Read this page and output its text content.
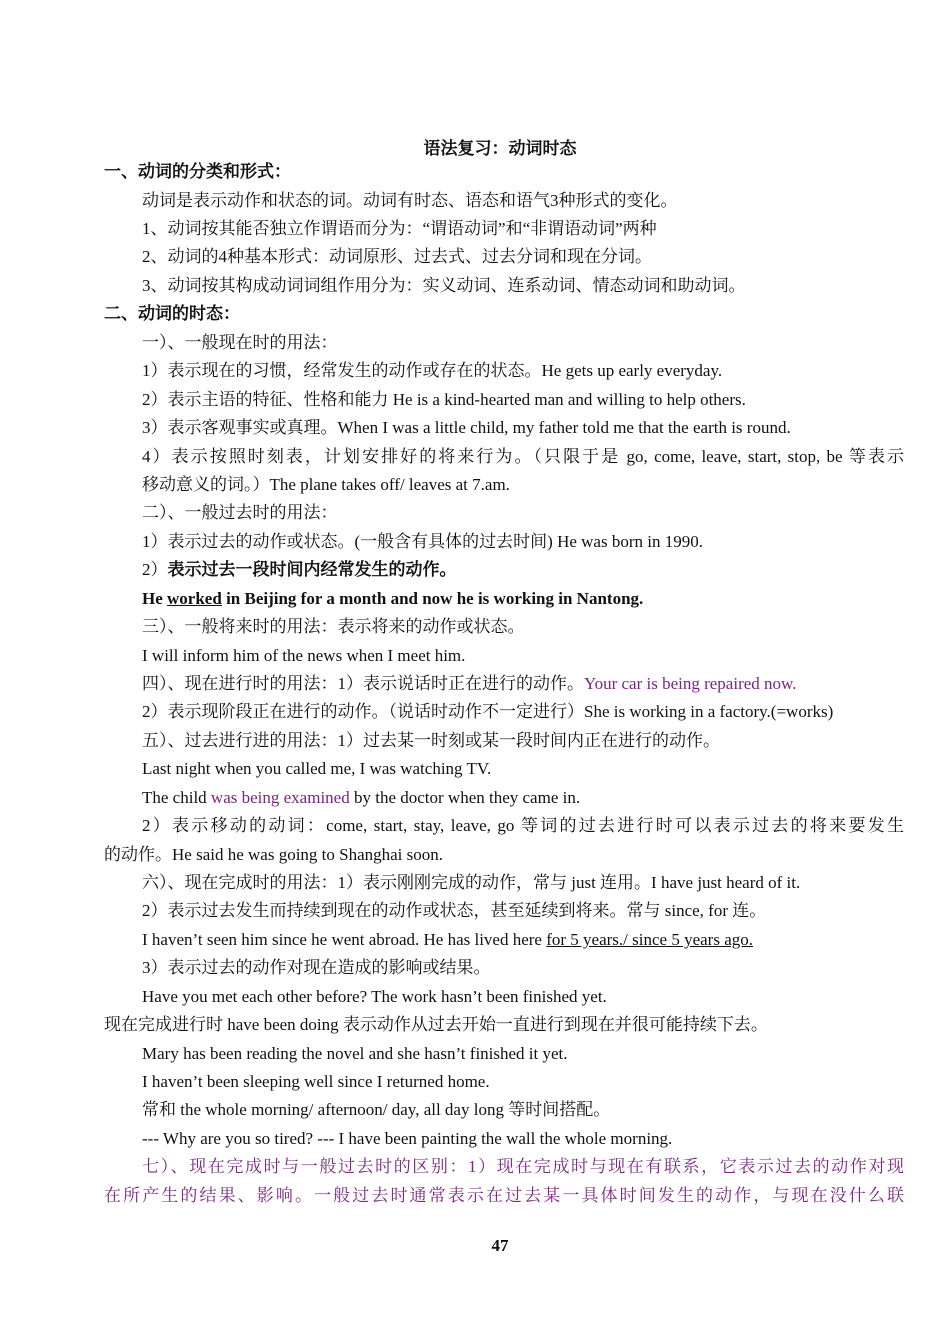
语法复习：动词时态
一、动词的分类和形式：
动词是表示动作和状态的词。动词有时态、语态和语气3种形式的变化。
1、动词按其能否独立作谓语而分为：“谓语动词”和“非谓语动词”两种
2、动词的4种基本形式：动词原形、过去式、过去分词和现在分词。
3、动词按其构成动词词组作用分为：实义动词、连系动词、情态动词和助动词。
二、动词的时态：
一）、一般现在时的用法：
1）表示现在的习惯，经常发生的动作或存在的状态。He gets up early everyday.
2）表示主语的特征、性格和能力 He is a kind-hearted man and willing to help others.
3）表示客观事实或真理。When I was a little child, my father told me that the earth is round.
4）表示按照时刻表，计划安排好的将来行为。（只限于是 go, come, leave, start, stop, be 等表示
移动意义的词。）The plane takes off/ leaves at 7.am.
二）、一般过去时的用法：
1）表示过去的动作或状态。(一般含有具体的过去时间) He was born in 1990.
2）表示过去一段时间内经常发生的动作。
He worked in Beijing for a month and now he is working in Nantong.
三）、一般将来时的用法：表示将来的动作或状态。
I will inform him of the news when I meet him.
四）、现在进行时的用法：1）表示说话时正在进行的动作。Your car is being repaired now.
2）表示现阶段正在进行的动作。（说话时动作不一定进行）She is working in a factory.(=works)
五）、过去进行进的用法：1）过去某一时刻或某一段时间内正在进行的动作。
Last night when you called me, I was watching TV.
The child was being examined by the doctor when they came in.
2）表示移动的动词：come, start, stay, leave, go 等词的过去进行时可以表示过去的将来要发生
的动作。He said he was going to Shanghai soon.
六）、现在完成时的用法：1）表示刚刚完成的动作，常与 just 连用。I have just heard of it.
2）表示过去发生而持续到现在的动作或状态，甚至延续到将来。常与 since, for 连。
I haven’t seen him since he went abroad. He has lived here for 5 years./ since 5 years ago.
3）表示过去的动作对现在造成的影响或结果。
Have you met each other before? The work hasn’t been finished yet.
现在完成进行时 have been doing 表示动作从过去开始一直进行到现在并很可能持续下去。
Mary has been reading the novel and she hasn’t finished it yet.
I haven’t been sleeping well since I returned home.
常和 the whole morning/ afternoon/ day, all day long 等时间搭配。
--- Why are you so tired? --- I have been painting the wall the whole morning.
七）、现在完成时与一般过去时的区别：1）现在完成时与现在有联系，它表示过去的动作对现
在所产生的结果、影响。一般过去时通常表示在过去某一具体时间发生的动作，与现在没什么联
47
